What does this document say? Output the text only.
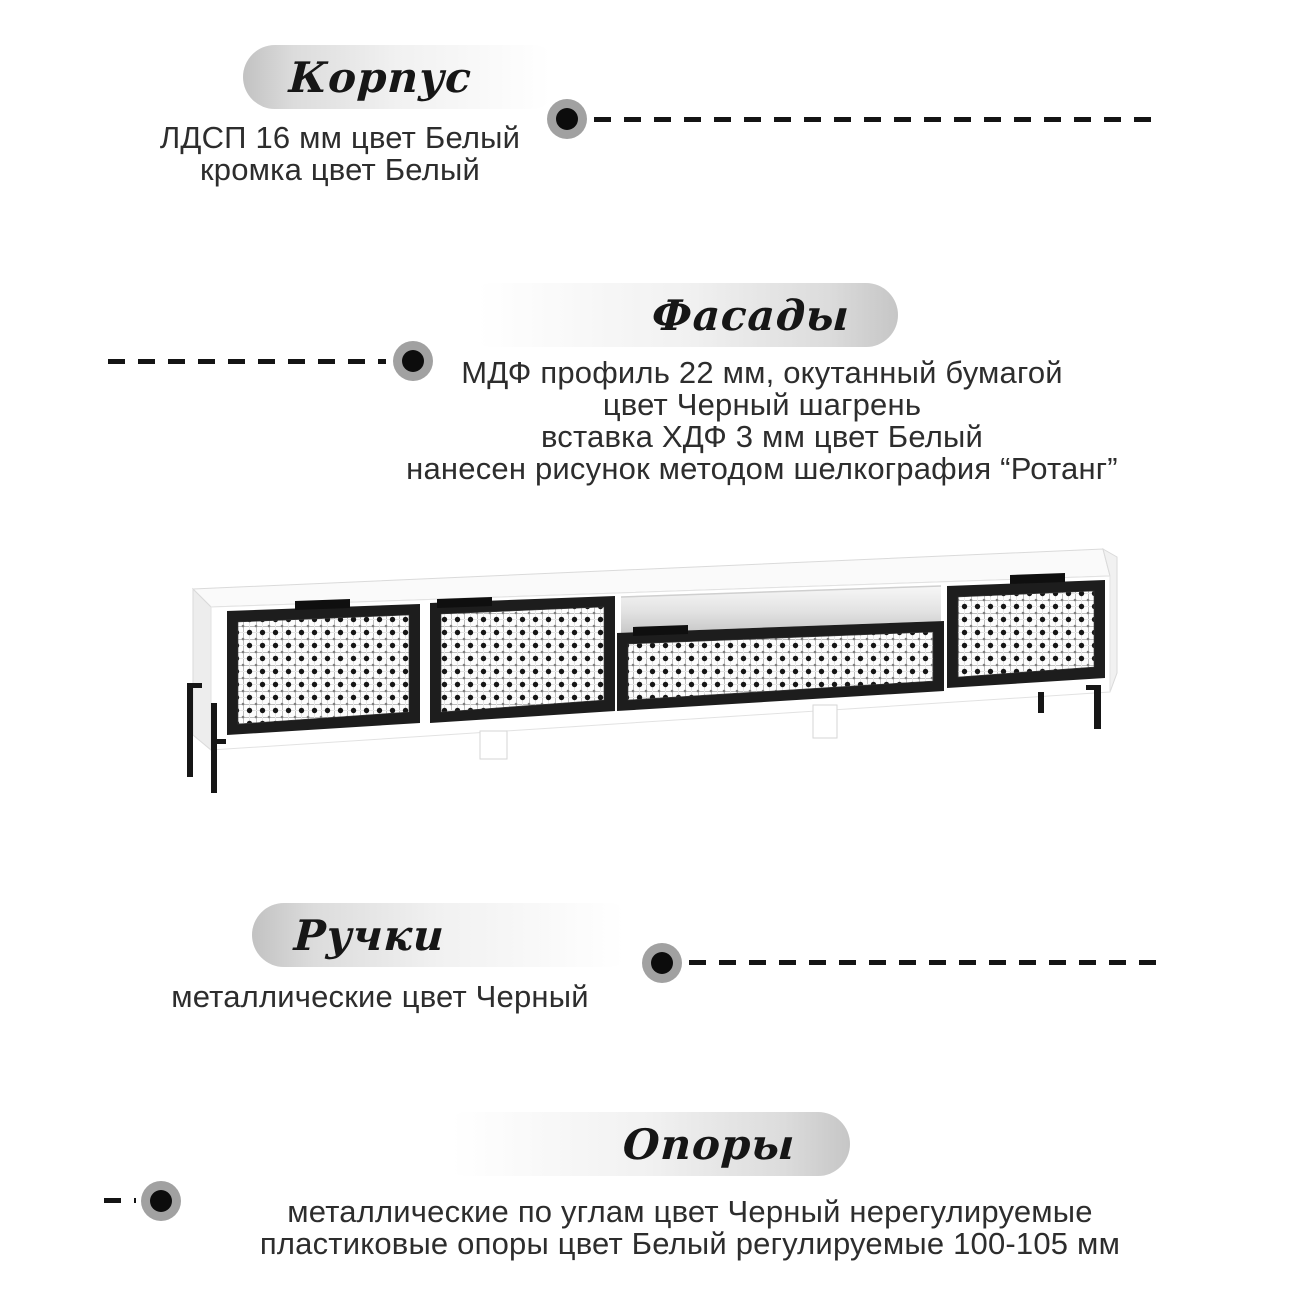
Корпус
ЛДСП 16 мм цвет Белый
кромка цвет Белый
Фасады
МДФ профиль 22 мм, окутанный бумагой
цвет Черный шагрень
вставка ХДФ 3 мм цвет Белый
нанесен рисунок методом шелкография “Ротанг”
Ручки
металлические цвет Черный
Опоры
металлические по углам цвет Черный нерегулируемые
пластиковые опоры цвет Белый регулируемые 100-105 мм
